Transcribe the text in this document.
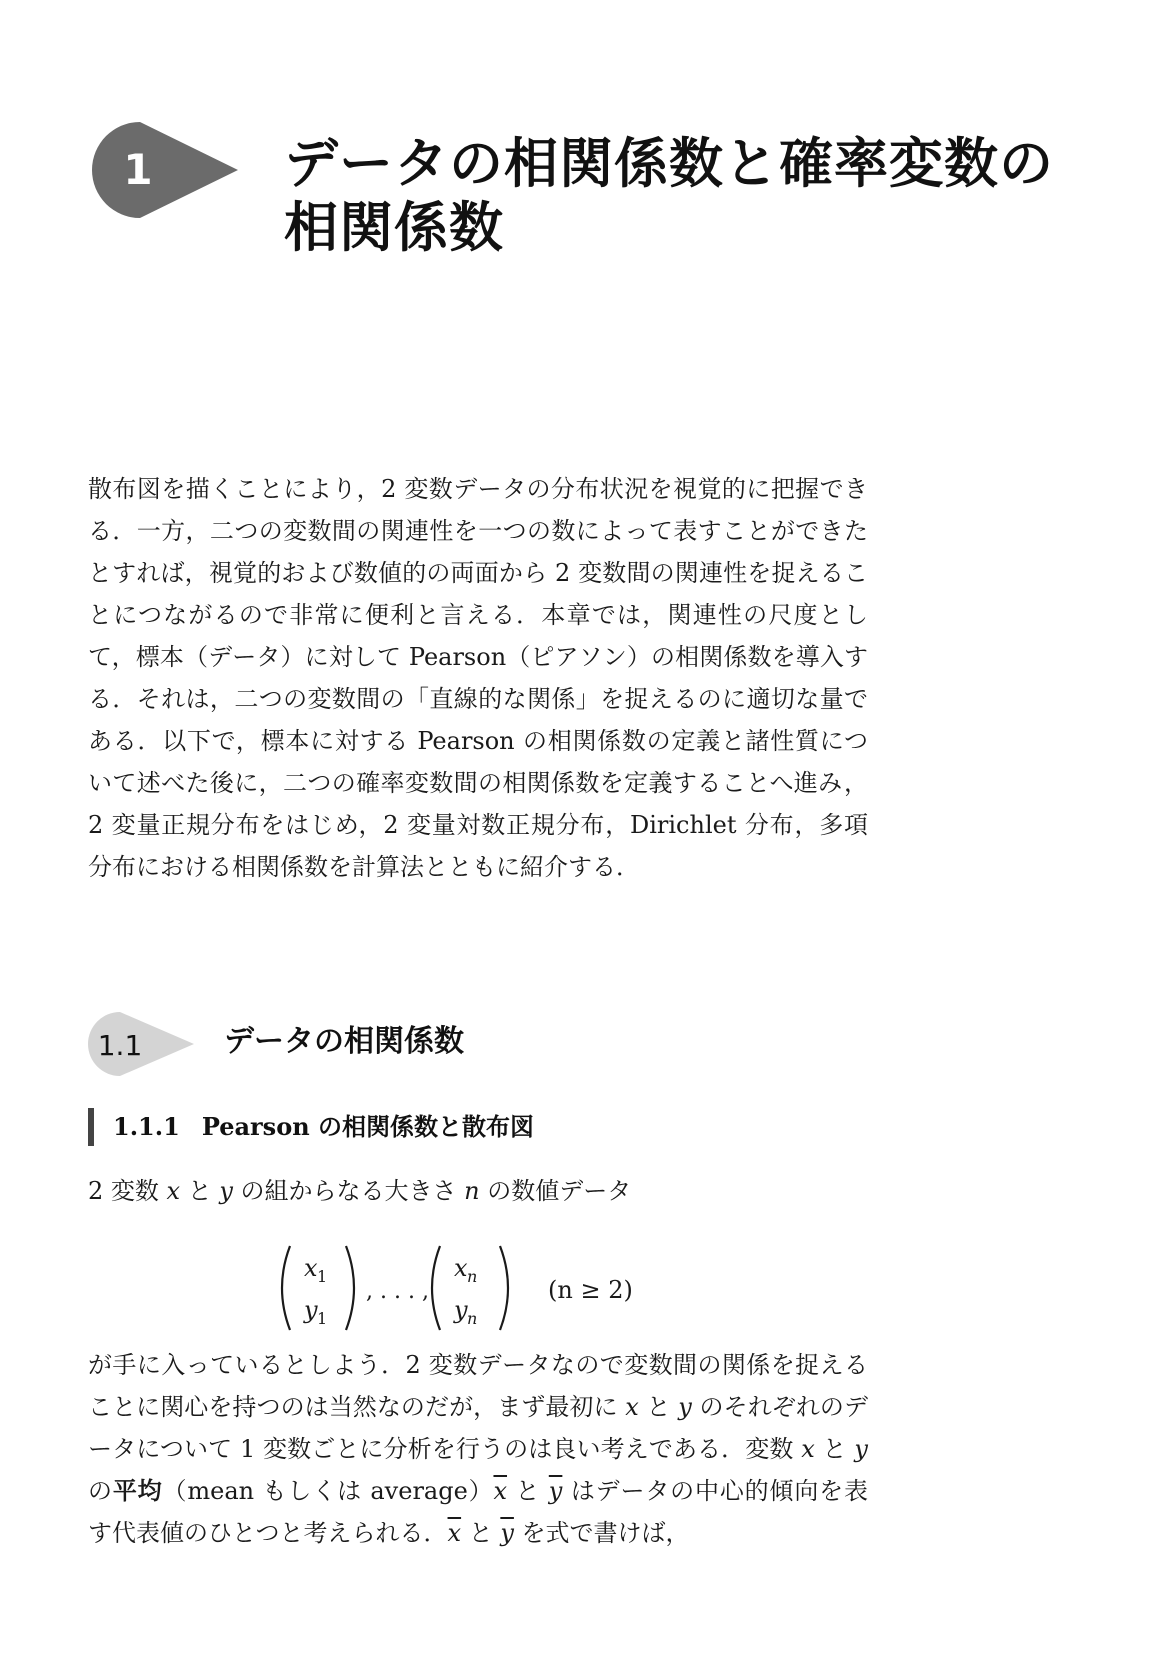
1 データの相関係数と確率変数の相関係数

散布図を描くことにより，2 変数データの分布状況を視覚的に把握できる．一方，二つの変数間の関連性を一つの数によって表すことができたとすれば，視覚的および数値的の両面から 2 変数間の関連性を捉えることにつながるので非常に便利と言える．本章では，関連性の尺度として，標本（データ）に対して Pearson（ピアソン）の相関係数を導入する．それは，二つの変数間の「直線的な関係」を捉えるのに適切な量である．以下で，標本に対する Pearson の相関係数の定義と諸性質について述べた後に，二つの確率変数間の相関係数を定義することへ進み，2 変量正規分布をはじめ，2 変量対数正規分布，Dirichlet 分布，多項分布における相関係数を計算法とともに紹介する．

1.1	データの相関係数
1.1.1 Pearson の相関係数と散布図

2 変数 x と y の組からなる大きさ n の数値データ

x 1
y 1
, . . . ,
x n
y n
(n ≥ 2)

が手に入っているとしよう．2 変数データなので変数間の関係を捉えることに関心を持つのは当然なのだが，まず最初に x と y のそれぞれのデータについて 1 変数ごとに分析を行うのは良い考えである．変数 x と y の平均（mean もしくは $average)\overline{x}$ と $\overline{y}$ はデータの中心的傾向を表す代表値のひとつと考えられる．$\overline{x}$ と $\overline{y}$ を式で書けば，
